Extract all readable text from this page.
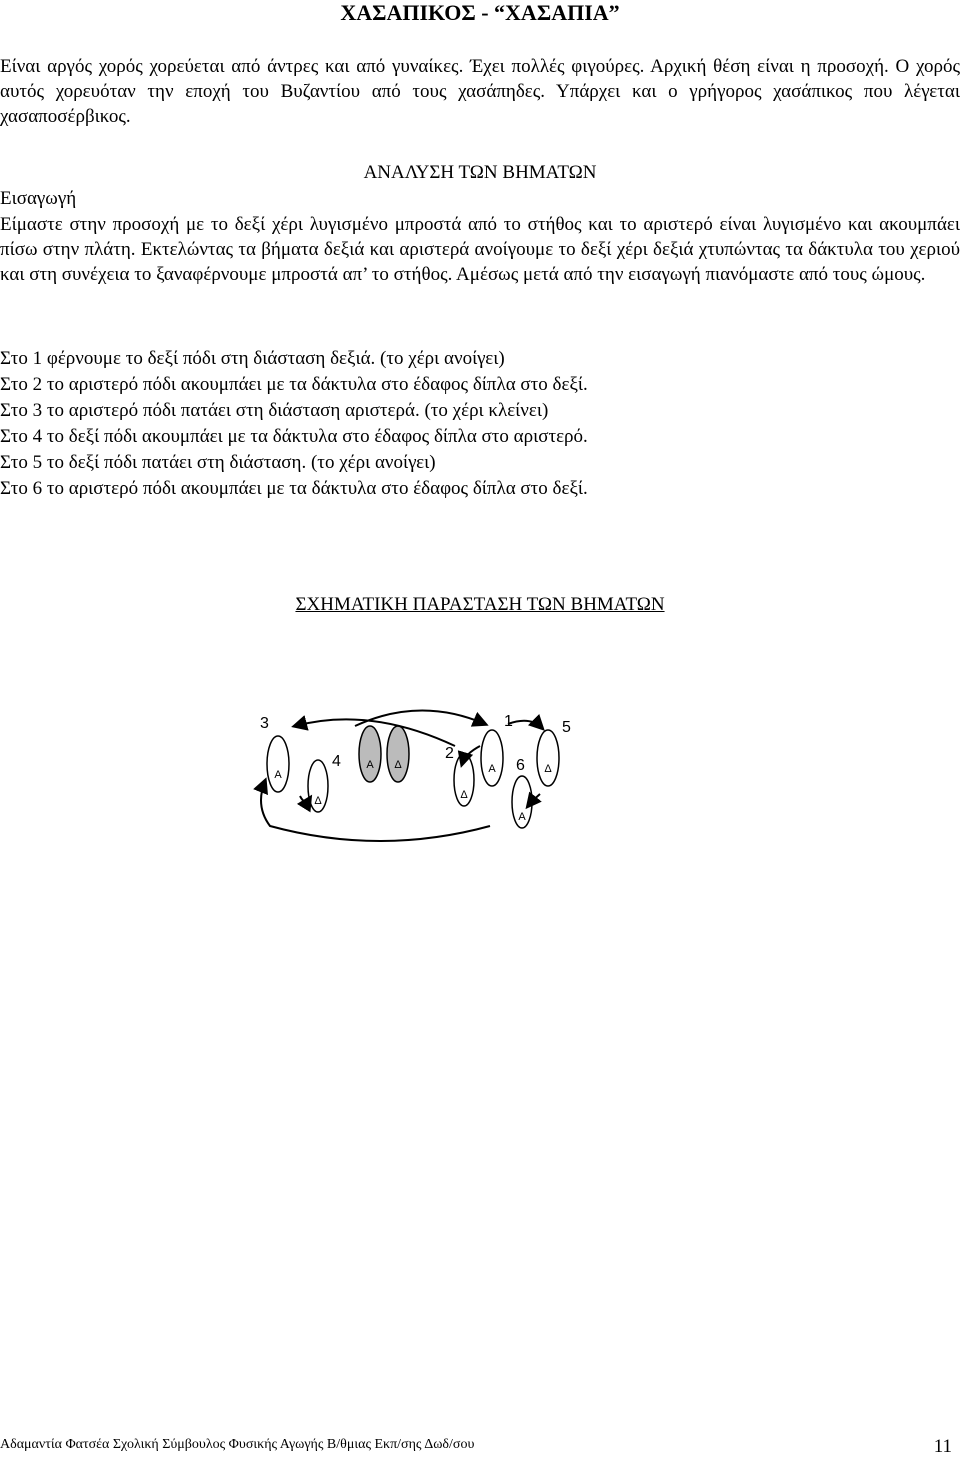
ΧΑΣΑΠΙΚΟΣ - “ΧΑΣΑΠΙΑ”

Είναι αργός χορός χορεύεται από άντρες και από γυναίκες. Έχει πολλές φιγούρες. Αρχική θέση είναι η προσοχή. Ο χορός αυτός χορευόταν την εποχή του Βυζαντίου από τους χασάπηδες. Υπάρχει και ο γρήγορος χασάπικος που λέγεται χασαποσέρβικος.

ΑΝΑΛΥΣΗ ΤΩΝ ΒΗΜΑΤΩΝ
Εισαγωγή

Είμαστε στην προσοχή με το δεξί χέρι λυγισμένο μπροστά από το στήθος και το αριστερό είναι λυγισμένο και ακουμπάει πίσω στην πλάτη. Εκτελώντας τα βήματα δεξιά και αριστερά ανοίγουμε το δεξί χέρι δεξιά χτυπώντας τα δάκτυλα του χεριού και στη συνέχεια το ξαναφέρνουμε μπροστά απ’ το στήθος. Αμέσως μετά από την εισαγωγή πιανόμαστε από τους ώμους.

Στο 1 φέρνουμε το δεξί πόδι στη διάσταση δεξιά. (το χέρι ανοίγει)
Στο 2 το αριστερό πόδι ακουμπάει με τα δάκτυλα στο έδαφος δίπλα στο δεξί.
Στο 3 το αριστερό πόδι πατάει στη διάσταση αριστερά. (το χέρι κλείνει)
Στο 4 το δεξί πόδι ακουμπάει με τα δάκτυλα στο έδαφος δίπλα στο αριστερό.
Στο 5 το δεξί πόδι πατάει στη διάσταση. (το χέρι ανοίγει)
Στο 6 το αριστερό πόδι ακουμπάει με τα δάκτυλα στο έδαφος δίπλα στο δεξί.
ΣΧΗΜΑΤΙΚΗ ΠΑΡΑΣΤΑΣΗ ΤΩΝ ΒΗΜΑΤΩΝ
1
2
3
4
5
6
Α
Δ
Α Δ
Δ
Α
Α
Δ
Αδαμαντία Φατσέα Σχολική Σύμβουλος Φυσικής Αγωγής Β/θμιας Εκπ/σης Δωδ/σου	11
